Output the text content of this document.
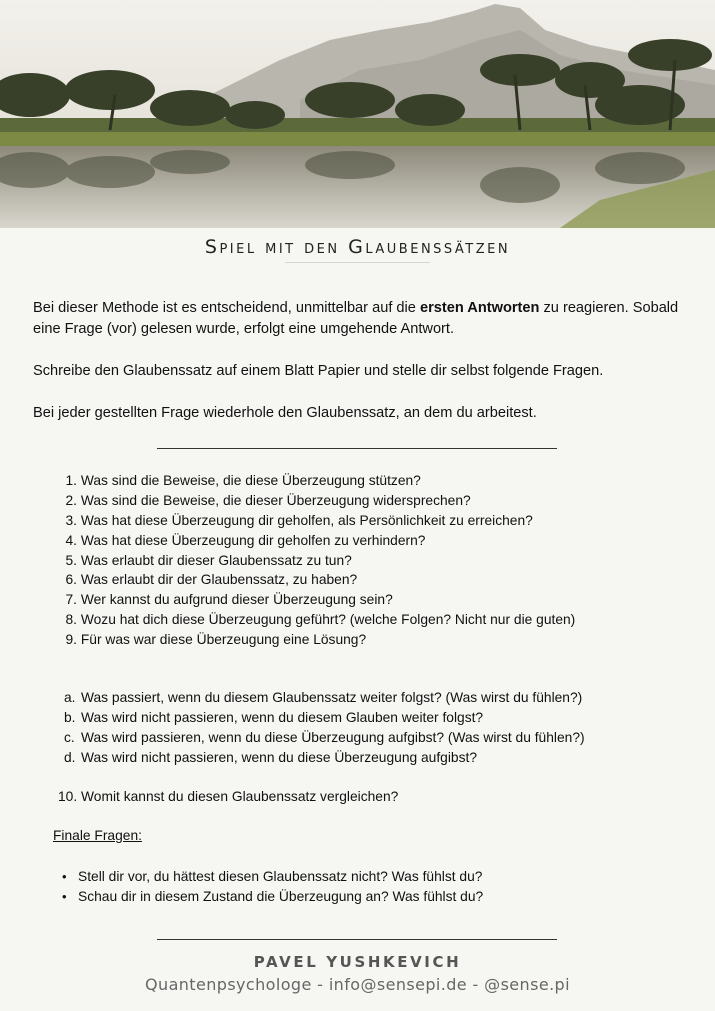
Spiel mit den Glaubenssätzen

Bei dieser Methode ist es entscheidend, unmittelbar auf die ersten Antworten zu reagieren. Sobald eine Frage (vor) gelesen wurde, erfolgt eine umgehende Antwort.

Schreibe den Glaubenssatz auf einem Blatt Papier und stelle dir selbst folgende Fragen.

Bei jeder gestellten Frage wiederhole den Glaubenssatz, an dem du arbeitest.

1. Was sind die Beweise, die diese Überzeugung stützen?
2. Was sind die Beweise, die dieser Überzeugung widersprechen?
3. Was hat diese Überzeugung dir geholfen, als Persönlichkeit zu erreichen?
4. Was hat diese Überzeugung dir geholfen zu verhindern?
5. Was erlaubt dir dieser Glaubenssatz zu tun?
6. Was erlaubt dir der Glaubenssatz, zu haben?
7. Wer kannst du aufgrund dieser Überzeugung sein?
8. Wozu hat dich diese Überzeugung geführt? (welche Folgen? Nicht nur die guten)
9. Für was war diese Überzeugung eine Lösung?
a. Was passiert, wenn du diesem Glaubenssatz weiter folgst? (Was wirst du fühlen?)
b. Was wird nicht passieren, wenn du diesem Glauben weiter folgst?
c. Was wird passieren, wenn du diese Überzeugung aufgibst? (Was wirst du fühlen?)
d. Was wird nicht passieren, wenn du diese Überzeugung aufgibst?

10. Womit kannst du diesen Glaubenssatz vergleichen?

Finale Fragen:

• Stell dir vor, du hättest diesen Glaubenssatz nicht? Was fühlst du?
• Schau dir in diesem Zustand die Überzeugung an? Was fühlst du?

PAVEL YUSHKEVICH

Quantenpsychologe - info@sensepi.de - @sense.pi
